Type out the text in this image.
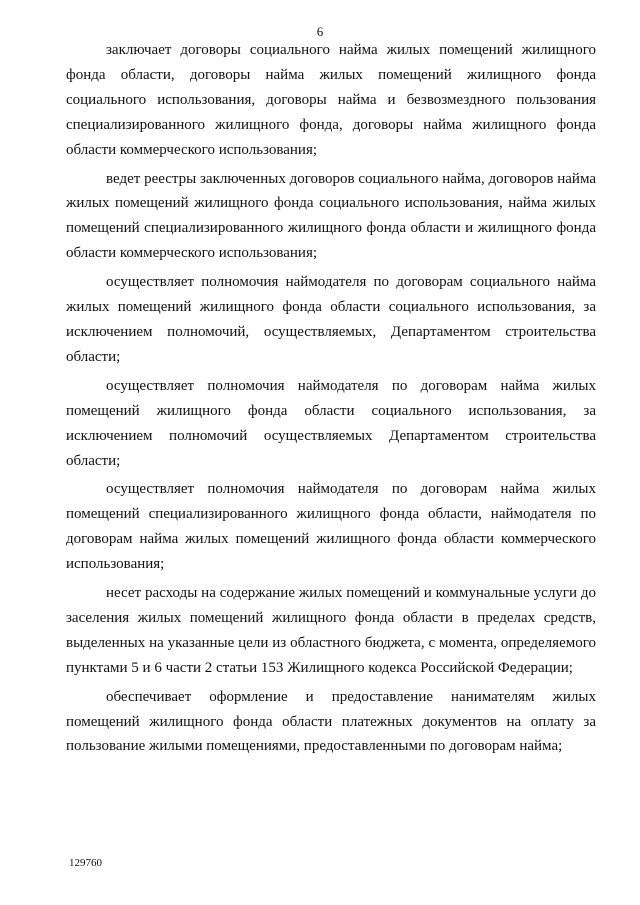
6

заключает договоры социального найма жилых помещений жилищного фонда области, договоры найма жилых помещений жилищного фонда социального использования, договоры найма и безвозмездного пользования специализированного жилищного фонда, договоры найма жилищного фонда области коммерческого использования;

ведет реестры заключенных договоров социального найма, договоров найма жилых помещений жилищного фонда социального использования, найма жилых помещений специализированного жилищного фонда области и жилищного фонда области коммерческого использования;

осуществляет полномочия наймодателя по договорам социального найма жилых помещений жилищного фонда области социального использования, за исключением полномочий, осуществляемых, Департаментом строительства области;

осуществляет полномочия наймодателя по договорам найма жилых помещений жилищного фонда области социального использования, за исключением полномочий осуществляемых Департаментом строительства области;

осуществляет полномочия наймодателя по договорам найма жилых помещений специализированного жилищного фонда области, наймодателя по договорам найма жилых помещений жилищного фонда области коммерческого использования;

несет расходы на содержание жилых помещений и коммунальные услуги до заселения жилых помещений жилищного фонда области в пределах средств, выделенных на указанные цели из областного бюджета, с момента, определяемого пунктами 5 и 6 части 2 статьи 153 Жилищного кодекса Российской Федерации;

обеспечивает оформление и предоставление нанимателям жилых помещений жилищного фонда области платежных документов на оплату за пользование жилыми помещениями, предоставленными по договорам найма;

129760
